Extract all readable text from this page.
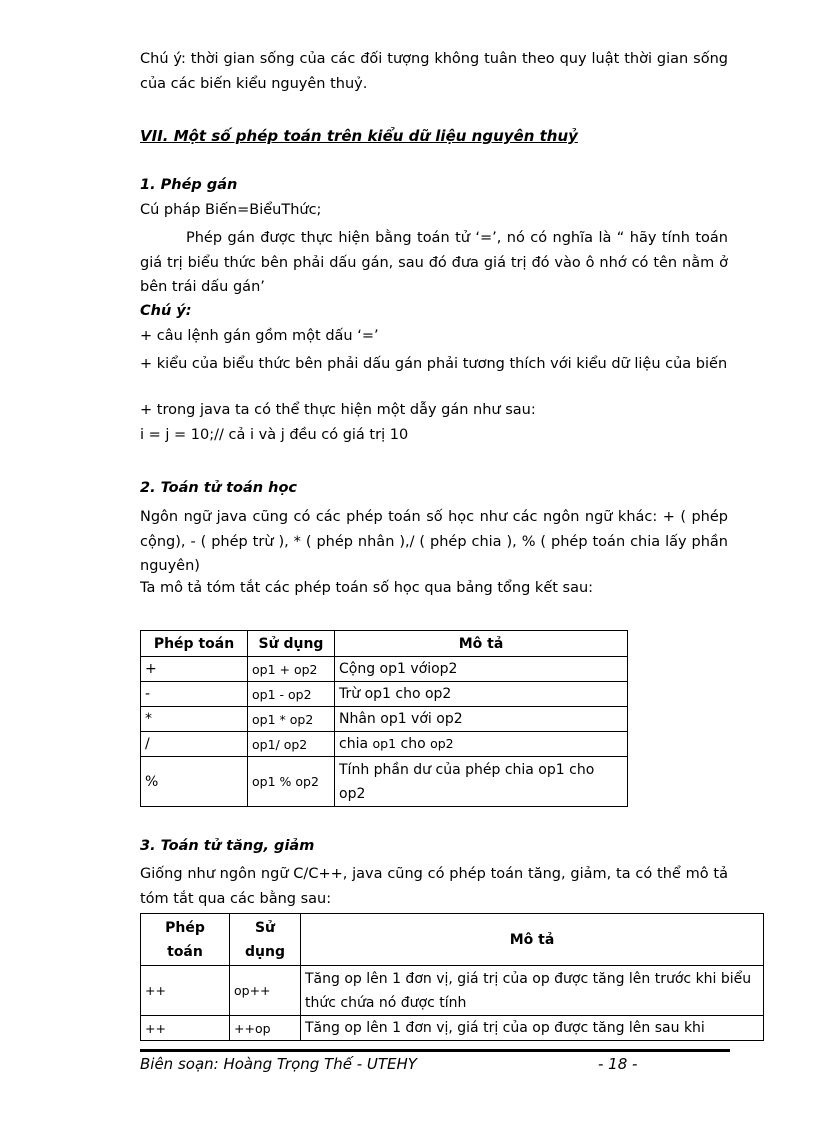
Chú ý: thời gian sống của các đối tượng không tuân theo quy luật thời gian sống của các biến kiểu nguyên thuỷ.
VII. Một số phép toán trên kiểu dữ liệu nguyên thuỷ
1. Phép gán
Cú pháp Biến=BiểuThức;
Phép gán được thực hiện bằng toán tử ‘=’, nó có nghĩa là “ hãy tính toán giá trị biểu thức bên phải dấu gán, sau đó đưa giá trị đó vào ô nhớ có tên nằm ở bên trái dấu gán’
Chú ý:
+ câu lệnh gán gồm một dấu ‘=’
+ kiểu của biểu thức bên phải dấu gán phải tương thích với kiểu dữ liệu của biến
+ trong java ta có thể thực hiện một dẫy gán như sau:
i = j = 10;// cả i và j đều có giá trị 10
2. Toán tử toán học
Ngôn ngữ java cũng có các phép toán số học như các ngôn ngữ khác: + ( phép cộng), - ( phép trừ ), * ( phép nhân ),/ ( phép chia ), % ( phép toán chia lấy phần nguyên)
Ta mô tả tóm tắt các phép toán số học qua bảng tổng kết sau:
Phép toán	Sử dụng	Mô tả
+	op1 + op2	Cộng op1 vớiop2
-	op1 - op2	Trừ op1 cho op2
*	op1 * op2	Nhân op1 với op2
/	op1/ op2	chia op1 cho op2
%	op1 % op2	Tính phần dư của phép chia op1 cho op2
3. Toán tử tăng, giảm
Giống như ngôn ngữ C/C++, java cũng có phép toán tăng, giảm, ta có thể mô tả tóm tắt qua các bằng sau:
Phép toán	Sử dụng	Mô tả
++	op++	Tăng op lên 1 đơn vị, giá trị của op được tăng lên trước khi biểu thức chứa nó được tính
++	++op	Tăng op lên 1 đơn vị, giá trị của op được tăng lên sau khi
Biên soạn: Hoàng Trọng Thế - UTEHY	- 18 -
